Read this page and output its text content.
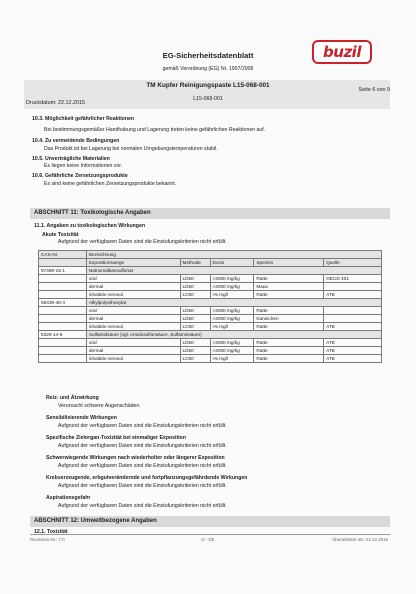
EG-Sicherheitsdatenblatt
gemäß Verordnung (EG) Nr. 1907/2006
buzil
TM Kupfer Reinigungspaste L15-068-001
L15-068-001
Druckdatum: 22.12.2015
Seite 6 von 9
10.3. Möglichkeit gefährlicher Reaktionen
Bei bestimmungsgemäßer Handhabung und Lagerung treten keine gefährlichen Reaktionen auf.
10.4. Zu vermeidende Bedingungen
Das Produkt ist bei Lagerung bei normalen Umgebungstemperaturen stabil.
10.5. Unverträgliche Materialien
Es liegen keine Informationen vor.
10.6. Gefährliche Zersetzungsprodukte
Es sind keine gefährlichen Zersetzungsprodukte bekannt.
ABSCHNITT 11: Toxikologische Angaben
11.1. Angaben zu toxikologischen Wirkungen
Akute Toxizität
Aufgrund der verfügbaren Daten sind die Einstufungskriterien nicht erfüllt.
CAS-Nr.	Bezeichnung				
	Expositionswege	Methode	Dosis	Spezies	Quelle
97489-15-1	Natriumalkansulfonat				
	oral	LD50	>2000 mg/kg	Ratte	OECD 401
	dermal	LD50	>2000 mg/kg	Maus	
	inhalativ Aerosol	LC50	>5 mg/l	Ratte	ATE
68439-46-3	Alkylpolyethoxylat				
	oral	LD50	>2000 mg/kg	Ratte	
	dermal	LD50	>2000 mg/kg	Kaninchen	
	inhalativ Aerosol	LC50	>5 mg/l	Ratte	ATE
5329-14-6	Sulfamidsäure (vgl. Amidosulfonsäure, Sulfaminsäure)				
	oral	LD50	>2000 mg/kg	Ratte	ATE
	dermal	LD50	>2000 mg/kg	Ratte	ATE
	inhalativ Aerosol	LC50	>5 mg/l	Ratte	ATE
Reiz- und Ätzwirkung
Verursacht schwere Augenschäden.
Sensibilisierende Wirkungen
Aufgrund der verfügbaren Daten sind die Einstufungskriterien nicht erfüllt.
Spezifische Zielorgan-Toxizität bei einmaliger Exposition
Aufgrund der verfügbaren Daten sind die Einstufungskriterien nicht erfüllt.
Schwerwiegende Wirkungen nach wiederholter oder längerer Exposition
Aufgrund der verfügbaren Daten sind die Einstufungskriterien nicht erfüllt.
Krebserzeugende, erbgutverändernde und fortpflanzungsgefährdende Wirkungen
Aufgrund der verfügbaren Daten sind die Einstufungskriterien nicht erfüllt.
Aspirationsgefahr
Aufgrund der verfügbaren Daten sind die Einstufungskriterien nicht erfüllt.
ABSCHNITT 12: Umweltbezogene Angaben
12.1. Toxizität
Revisions-Nr.: 7.0	D - DE	Überarbeitet am: 22.12.2015
